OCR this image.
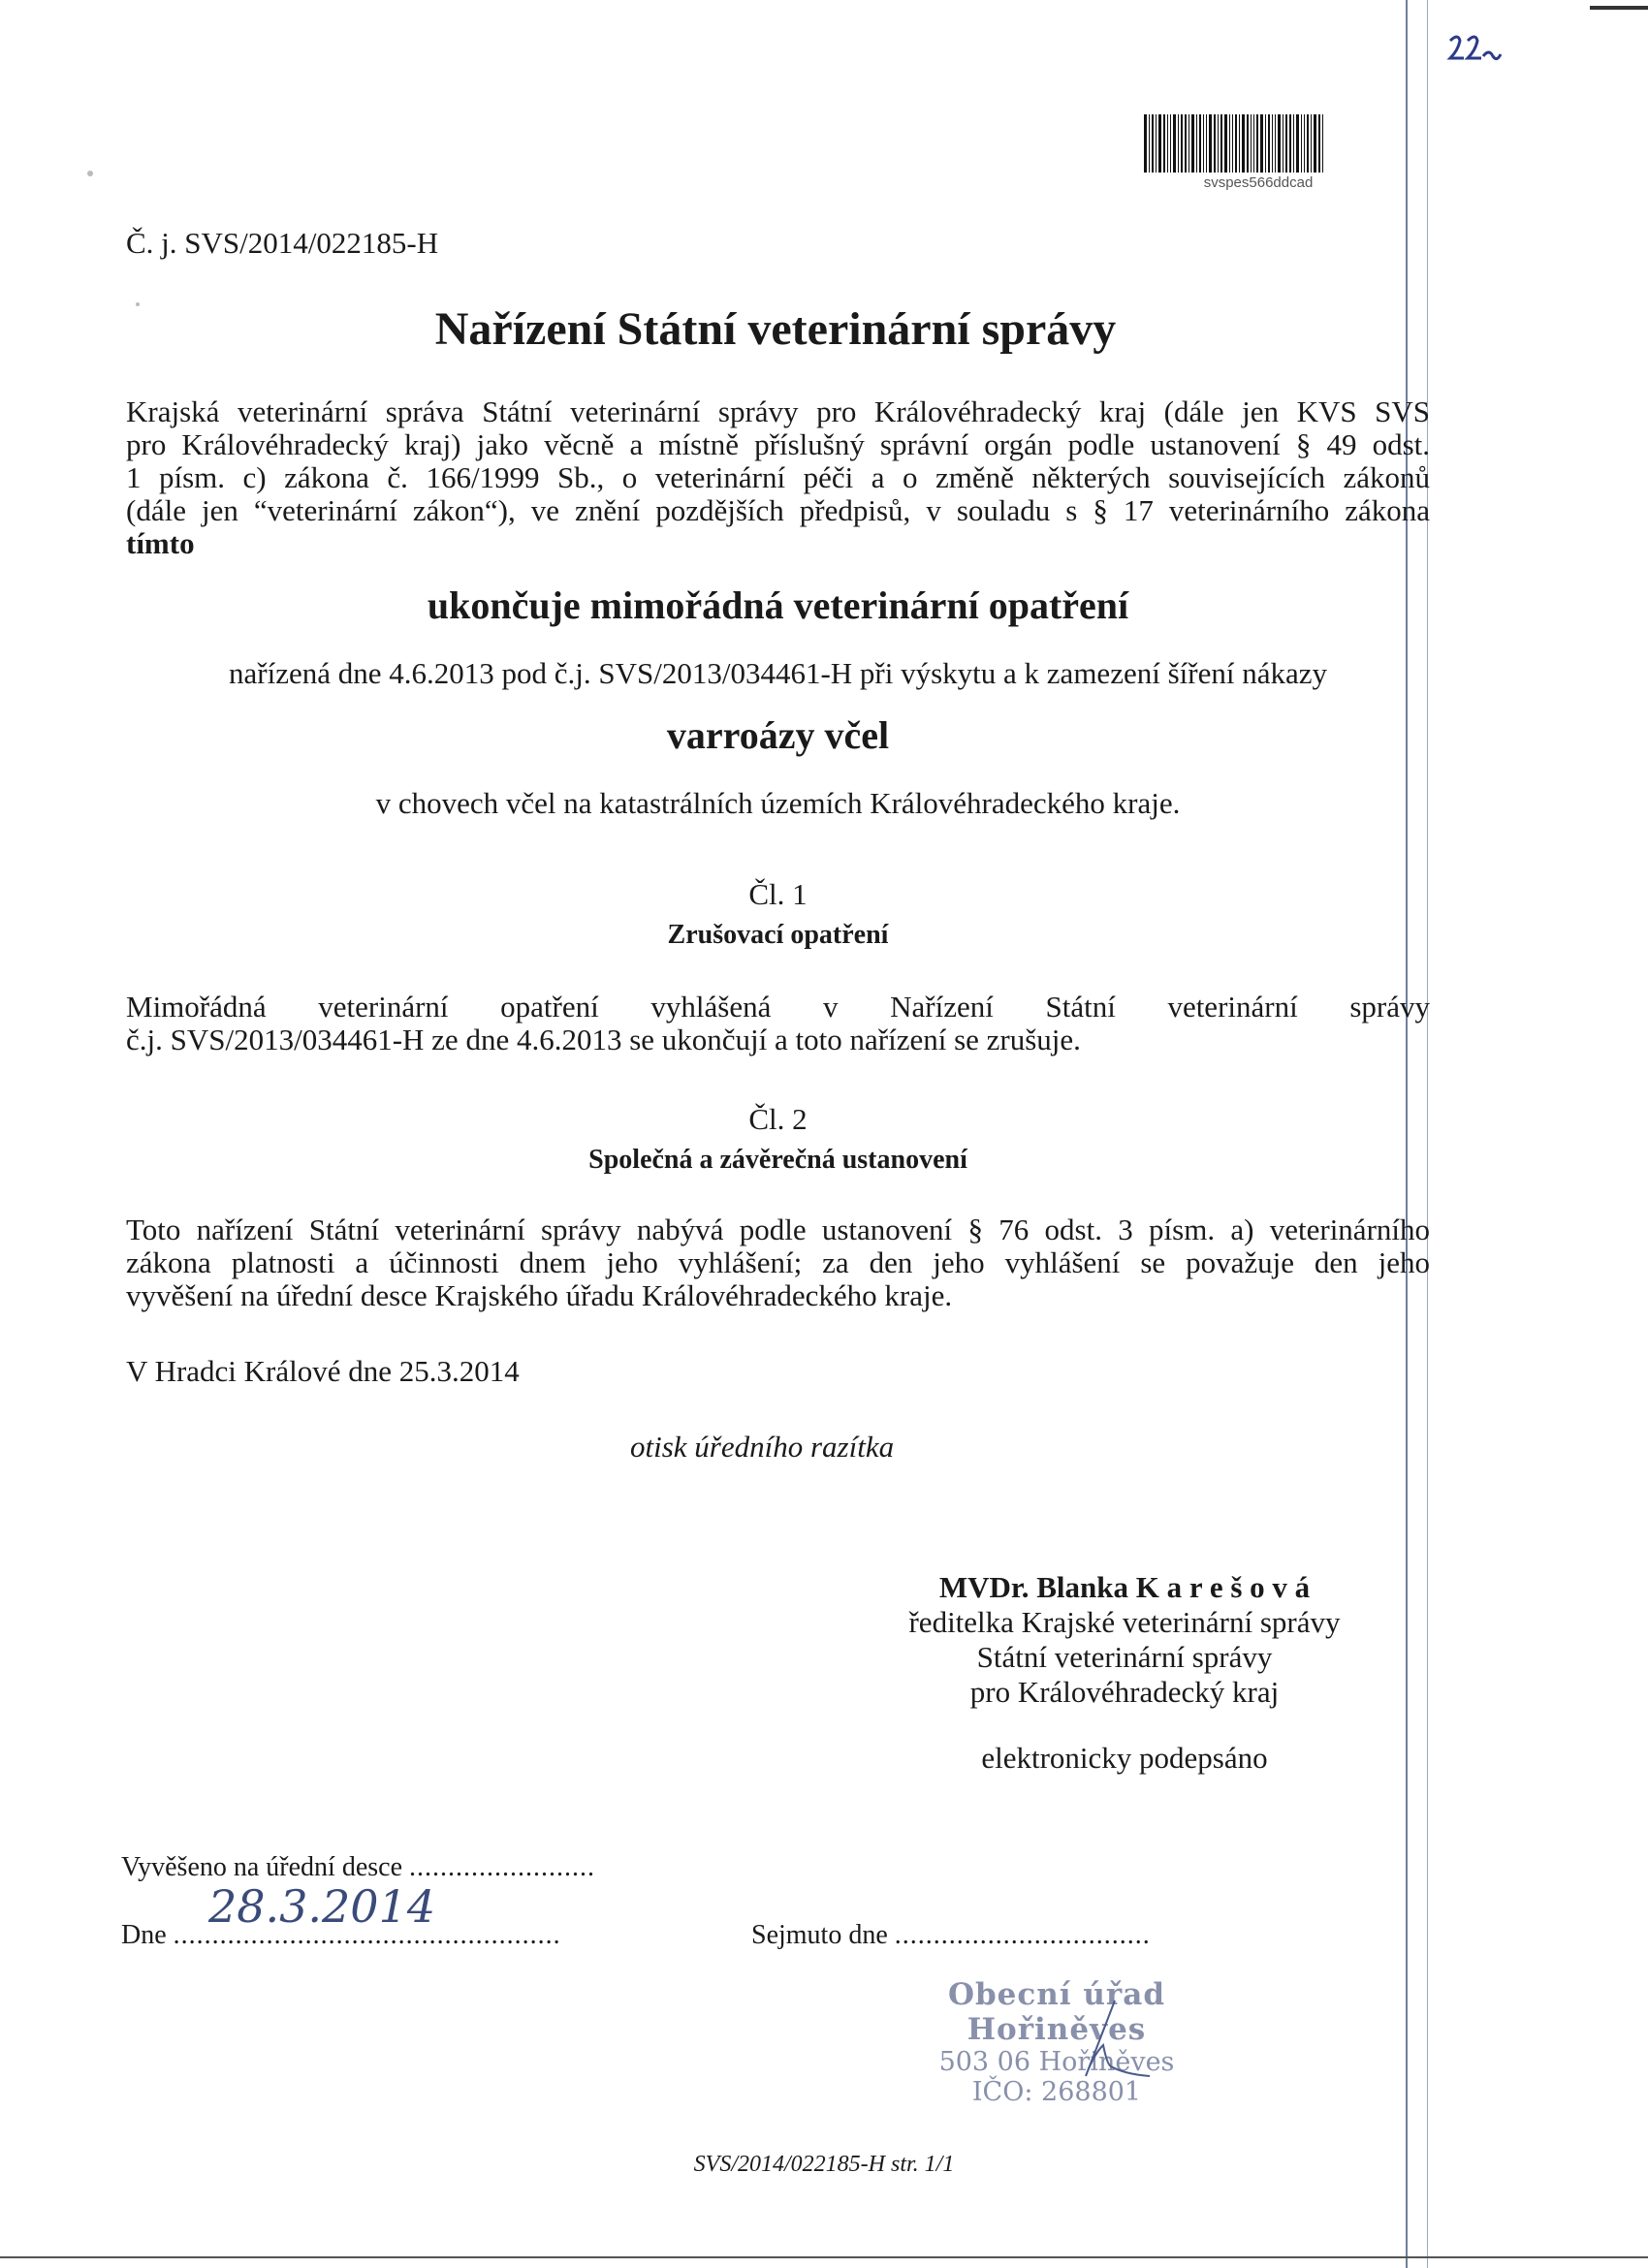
svspes566ddcad
Č. j. SVS/2014/022185-H
Nařízení Státní veterinární správy
Krajská veterinární správa Státní veterinární správy pro Královéhradecký kraj (dále jen KVS SVS
pro Královéhradecký kraj) jako věcně a místně příslušný správní orgán podle ustanovení § 49 odst.
1 písm. c) zákona č. 166/1999 Sb., o veterinární péči a o změně některých souvisejících zákonů
(dále jen “veterinární zákon“), ve znění pozdějších předpisů, v souladu s § 17 veterinárního zákona
tímto
ukončuje mimořádná veterinární opatření
nařízená dne 4.6.2013 pod č.j. SVS/2013/034461-H při výskytu a k zamezení šíření nákazy
varroázy včel
v chovech včel na katastrálních územích Královéhradeckého kraje.
Čl. 1
Zrušovací opatření
Mimořádná veterinární opatření vyhlášená v Nařízení Státní veterinární správy
č.j. SVS/2013/034461-H ze dne 4.6.2013 se ukončují a toto nařízení se zrušuje.
Čl. 2
Společná a závěrečná ustanovení
Toto nařízení Státní veterinární správy nabývá podle ustanovení § 76 odst. 3 písm. a) veterinárního
zákona platnosti a účinnosti dnem jeho vyhlášení; za den jeho vyhlášení se považuje den jeho
vyvěšení na úřední desce Krajského úřadu Královéhradeckého kraje.
V Hradci Králové dne 25.3.2014
otisk úředního razítka
MVDr. Blanka K a r e š o v á
ředitelka Krajské veterinární správy
Státní veterinární správy
pro Královéhradecký kraj
elektronicky podepsáno
Vyvěšeno na úřední desce ........................
Dne ..................................................
28.3.2014
Sejmuto dne .................................
Obecní úřad Hořiněves
503 06 Hořiněves
IČO: 268801
SVS/2014/022185-H str. 1/1
